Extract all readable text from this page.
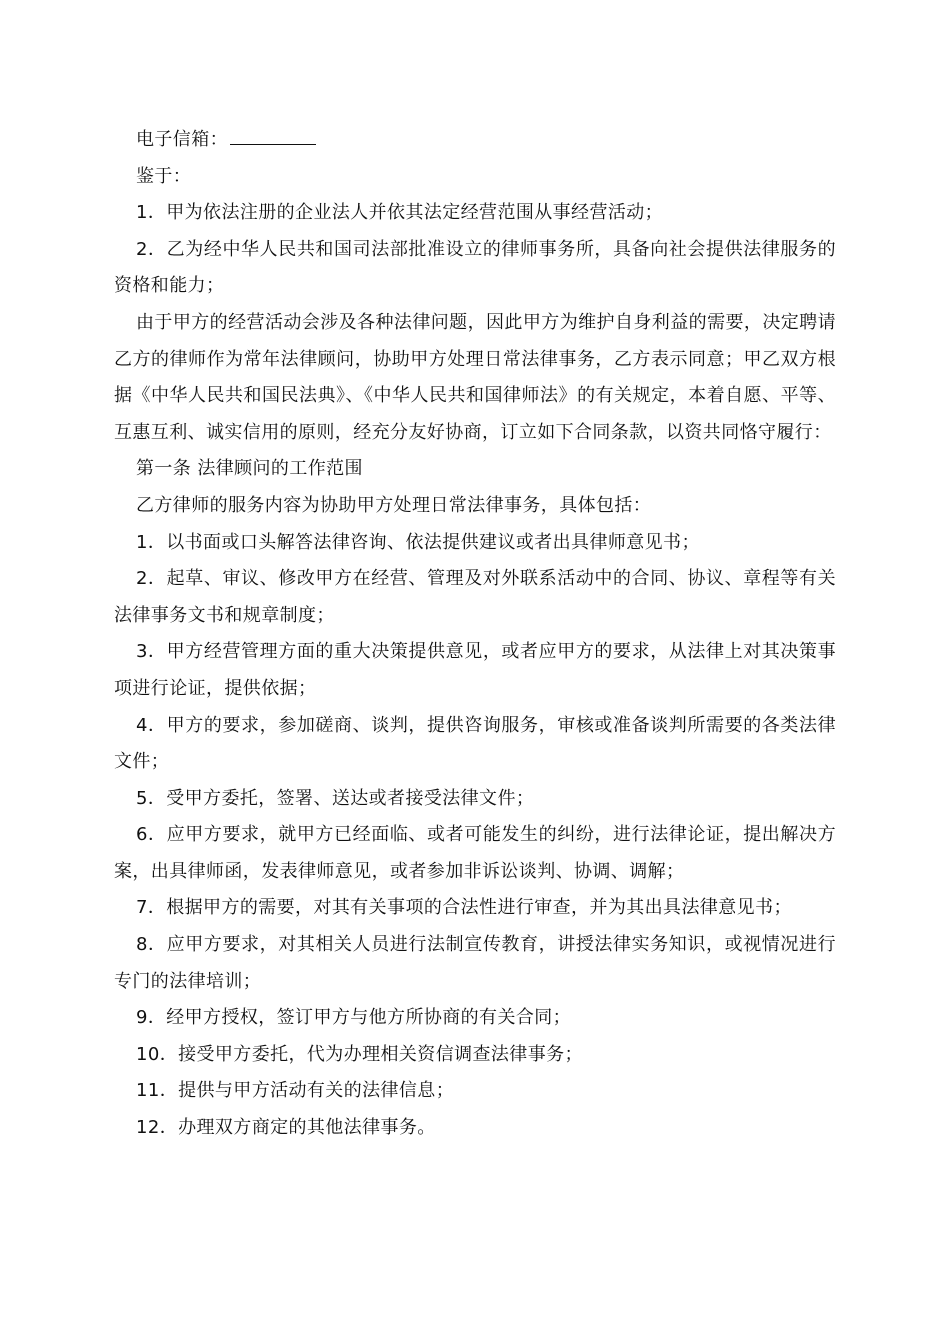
电子信箱：

鉴于：

1．甲为依法注册的企业法人并依其法定经营范围从事经营活动；

2．乙为经中华人民共和国司法部批准设立的律师事务所，具备向社会提供法律服务的资格和能力；

由于甲方的经营活动会涉及各种法律问题，因此甲方为维护自身利益的需要，决定聘请乙方的律师作为常年法律顾问，协助甲方处理日常法律事务，乙方表示同意；甲乙双方根据《中华人民共和国民法典》、《中华人民共和国律师法》的有关规定，本着自愿、平等、互惠互利、诚实信用的原则，经充分友好协商，订立如下合同条款，以资共同恪守履行：

第一条 法律顾问的工作范围

乙方律师的服务内容为协助甲方处理日常法律事务，具体包括：

1．以书面或口头解答法律咨询、依法提供建议或者出具律师意见书；

2．起草、审议、修改甲方在经营、管理及对外联系活动中的合同、协议、章程等有关法律事务文书和规章制度；

3．甲方经营管理方面的重大决策提供意见，或者应甲方的要求，从法律上对其决策事项进行论证，提供依据；

4．甲方的要求，参加磋商、谈判，提供咨询服务，审核或准备谈判所需要的各类法律文件；

5．受甲方委托，签署、送达或者接受法律文件；

6．应甲方要求，就甲方已经面临、或者可能发生的纠纷，进行法律论证，提出解决方案，出具律师函，发表律师意见，或者参加非诉讼谈判、协调、调解；

7．根据甲方的需要，对其有关事项的合法性进行审查，并为其出具法律意见书；

8．应甲方要求，对其相关人员进行法制宣传教育，讲授法律实务知识，或视情况进行专门的法律培训；

9．经甲方授权，签订甲方与他方所协商的有关合同；

10．接受甲方委托，代为办理相关资信调查法律事务；

11．提供与甲方活动有关的法律信息；

12．办理双方商定的其他法律事务。
